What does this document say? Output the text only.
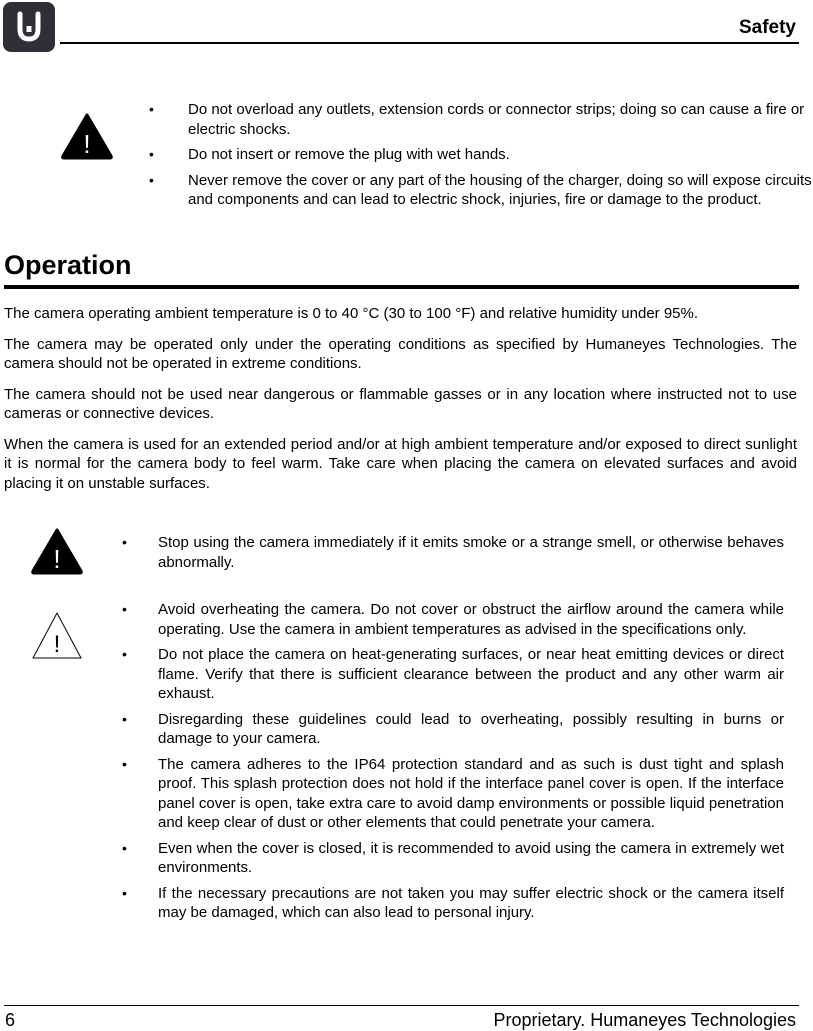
Safety
!
• Do not overload any outlets, extension cords or connector strips; doing so can cause a fire or electric shocks.
• Do not insert or remove the plug with wet hands.
• Never remove the cover or any part of the housing of the charger, doing so will expose circuits and components and can lead to electric shock, injuries, fire or damage to the product.
Operation

The camera operating ambient temperature is 0 to 40 °C (30 to 100 °F) and relative humidity under 95%.

The camera may be operated only under the operating conditions as specified by Humaneyes Technologies. The camera should not be operated in extreme conditions.

The camera should not be used near dangerous or flammable gasses or in any location where instructed not to use cameras or connective devices.

When the camera is used for an extended period and/or at high ambient temperature and/or exposed to direct sunlight it is normal for the camera body to feel warm. Take care when placing the camera on elevated surfaces and avoid placing it on unstable surfaces.

!
• Stop using the camera immediately if it emits smoke or a strange smell, or otherwise behaves abnormally.
!
• Avoid overheating the camera. Do not cover or obstruct the airflow around the camera while operating. Use the camera in ambient temperatures as advised in the specifications only.
• Do not place the camera on heat-generating surfaces, or near heat emitting devices or direct flame. Verify that there is sufficient clearance between the product and any other warm air exhaust.
• Disregarding these guidelines could lead to overheating, possibly resulting in burns or damage to your camera.
• The camera adheres to the IP64 protection standard and as such is dust tight and splash proof. This splash protection does not hold if the interface panel cover is open. If the interface panel cover is open, take extra care to avoid damp environments or possible liquid penetration and keep clear of dust or other elements that could penetrate your camera.
• Even when the cover is closed, it is recommended to avoid using the camera in extremely wet environments.
• If the necessary precautions are not taken you may suffer electric shock or the camera itself may be damaged, which can also lead to personal injury.
6	Proprietary. Humaneyes Technologies
